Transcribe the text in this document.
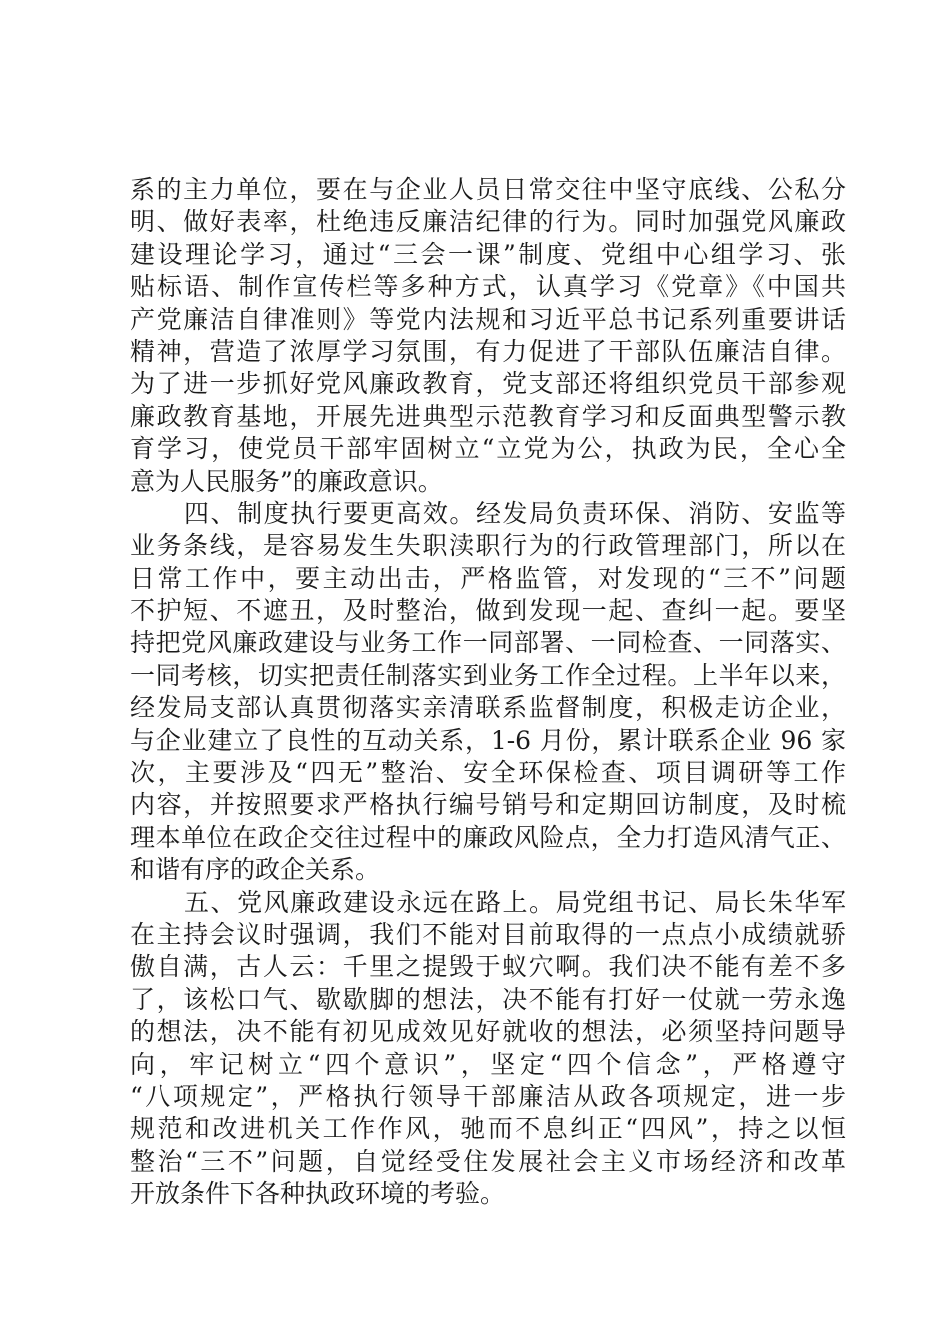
系的主力单位，要在与企业人员日常交往中坚守底线、公私分
明、做好表率，杜绝违反廉洁纪律的行为。同时加强党风廉政
建设理论学习，通过“三会一课”制度、党组中心组学习、张
贴标语、制作宣传栏等多种方式，认真学习《党章》《中国共
产党廉洁自律准则》等党内法规和习近平总书记系列重要讲话
精神，营造了浓厚学习氛围，有力促进了干部队伍廉洁自律。
为了进一步抓好党风廉政教育，党支部还将组织党员干部参观
廉政教育基地，开展先进典型示范教育学习和反面典型警示教
育学习，使党员干部牢固树立“立党为公，执政为民，全心全
意为人民服务”的廉政意识。
四、制度执行要更高效。经发局负责环保、消防、安监等
业务条线，是容易发生失职渎职行为的行政管理部门，所以在
日常工作中，要主动出击，严格监管，对发现的“三不”问题
不护短、不遮丑，及时整治，做到发现一起、查纠一起。要坚
持把党风廉政建设与业务工作一同部署、一同检查、一同落实、
一同考核，切实把责任制落实到业务工作全过程。上半年以来，
经发局支部认真贯彻落实亲清联系监督制度，积极走访企业，
与企业建立了良性的互动关系，1-6 月份，累计联系企业 96 家
次，主要涉及“四无”整治、安全环保检查、项目调研等工作
内容，并按照要求严格执行编号销号和定期回访制度，及时梳
理本单位在政企交往过程中的廉政风险点，全力打造风清气正、
和谐有序的政企关系。
五、党风廉政建设永远在路上。局党组书记、局长朱华军
在主持会议时强调，我们不能对目前取得的一点点小成绩就骄
傲自满，古人云：千里之提毁于蚁穴啊。我们决不能有差不多
了，该松口气、歇歇脚的想法，决不能有打好一仗就一劳永逸
的想法，决不能有初见成效见好就收的想法，必须坚持问题导
向，牢记树立“四个意识”，坚定“四个信念”，严格遵守
“八项规定”，严格执行领导干部廉洁从政各项规定，进一步
规范和改进机关工作作风，驰而不息纠正“四风”，持之以恒
整治“三不”问题，自觉经受住发展社会主义市场经济和改革
开放条件下各种执政环境的考验。
